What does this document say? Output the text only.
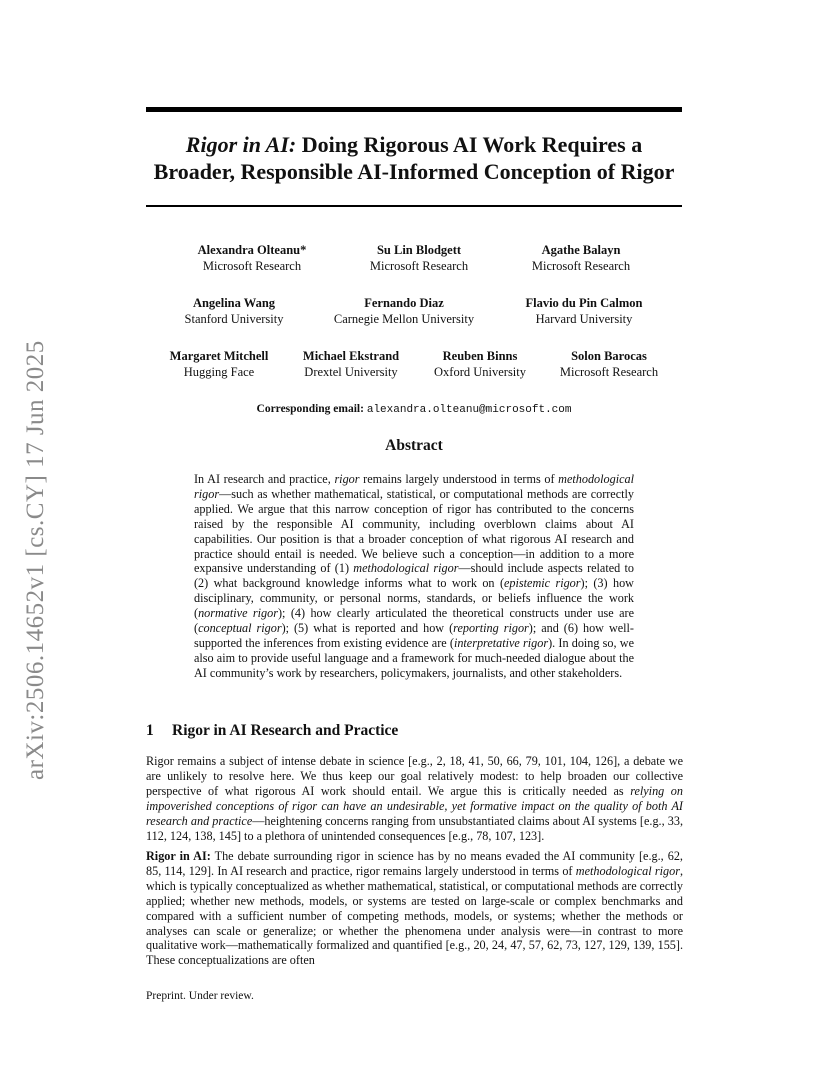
arXiv:2506.14652v1 [cs.CY] 17 Jun 2025
Rigor in AI: Doing Rigorous AI Work Requires a
Broader, Responsible AI-Informed Conception of Rigor
Alexandra Olteanu*
Microsoft Research
Su Lin Blodgett
Microsoft Research
Agathe Balayn
Microsoft Research
Angelina Wang
Stanford University
Fernando Diaz
Carnegie Mellon University
Flavio du Pin Calmon
Harvard University
Margaret Mitchell
Hugging Face
Michael Ekstrand
Drextel University
Reuben Binns
Oxford University
Solon Barocas
Microsoft Research
Corresponding email: alexandra.olteanu@microsoft.com
Abstract

In AI research and practice, rigor remains largely understood in terms of methodological rigor—such as whether mathematical, statistical, or computational methods are correctly applied. We argue that this narrow conception of rigor has contributed to the concerns raised by the responsible AI community, including overblown claims about AI capabilities. Our position is that a broader conception of what rigorous AI research and practice should entail is needed. We believe such a conception—in addition to a more expansive understanding of (1) methodological rigor—should include aspects related to (2) what background knowledge informs what to work on (epistemic rigor); (3) how disciplinary, community, or personal norms, standards, or beliefs influence the work (normative rigor); (4) how clearly articulated the theoretical constructs under use are (conceptual rigor); (5) what is reported and how (reporting rigor); and (6) how well-supported the inferences from existing evidence are (interpretative rigor). In doing so, we also aim to provide useful language and a framework for much-needed dialogue about the AI community’s work by researchers, policymakers, journalists, and other stakeholders.

1 Rigor in AI Research and Practice

Rigor remains a subject of intense debate in science [e.g., 2, 18, 41, 50, 66, 79, 101, 104, 126], a debate we are unlikely to resolve here. We thus keep our goal relatively modest: to help broaden our collective perspective of what rigorous AI work should entail. We argue this is critically needed as relying on impoverished conceptions of rigor can have an undesirable, yet formative impact on the quality of both AI research and practice—heightening concerns ranging from unsubstantiated claims about AI systems [e.g., 33, 112, 124, 138, 145] to a plethora of unintended consequences [e.g., 78, 107, 123].

Rigor in AI: The debate surrounding rigor in science has by no means evaded the AI community [e.g., 62, 85, 114, 129]. In AI research and practice, rigor remains largely understood in terms of methodological rigor, which is typically conceptualized as whether mathematical, statistical, or computational methods are correctly applied; whether new methods, models, or systems are tested on large-scale or complex benchmarks and compared with a sufficient number of competing methods, models, or systems; whether the methods or analyses can scale or generalize; or whether the phenomena under analysis were—in contrast to more qualitative work—mathematically formalized and quantified [e.g., 20, 24, 47, 57, 62, 73, 127, 129, 139, 155]. These conceptualizations are often

Preprint. Under review.
